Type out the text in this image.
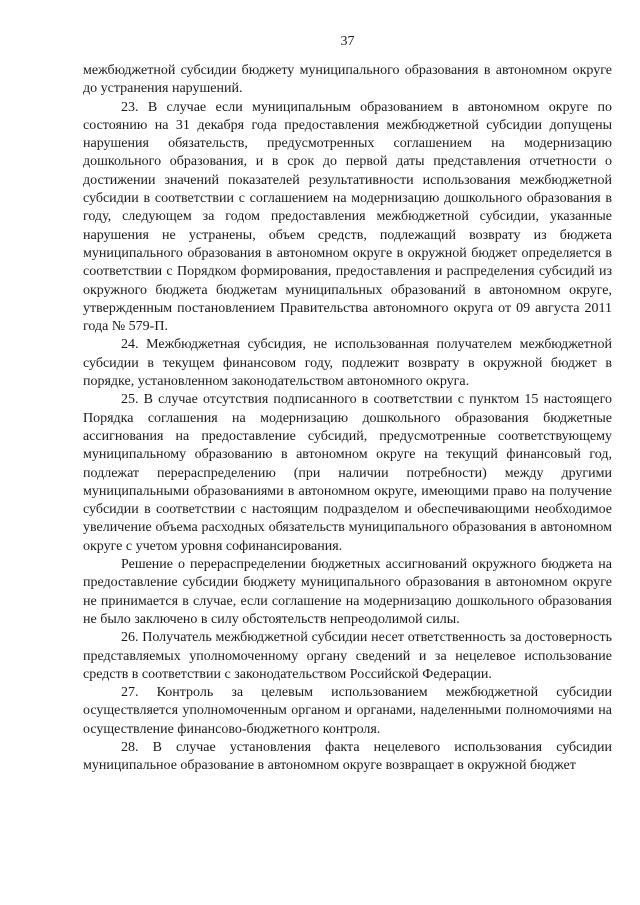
37

межбюджетной субсидии бюджету муниципального образования в автономном округе до устранения нарушений.

23. В случае если муниципальным образованием в автономном округе по состоянию на 31 декабря года предоставления межбюджетной субсидии допущены нарушения обязательств, предусмотренных соглашением на модернизацию дошкольного образования, и в срок до первой даты представления отчетности о достижении значений показателей результативности использования межбюджетной субсидии в соответствии с соглашением на модернизацию дошкольного образования в году, следующем за годом предоставления межбюджетной субсидии, указанные нарушения не устранены, объем средств, подлежащий возврату из бюджета муниципального образования в автономном округе в окружной бюджет определяется в соответствии с Порядком формирования, предоставления и распределения субсидий из окружного бюджета бюджетам муниципальных образований в автономном округе, утвержденным постановлением Правительства автономного округа от 09 августа 2011 года № 579-П.

24. Межбюджетная субсидия, не использованная получателем межбюджетной субсидии в текущем финансовом году, подлежит возврату в окружной бюджет в порядке, установленном законодательством автономного округа.

25. В случае отсутствия подписанного в соответствии с пунктом 15 настоящего Порядка соглашения на модернизацию дошкольного образования бюджетные ассигнования на предоставление субсидий, предусмотренные соответствующему муниципальному образованию в автономном округе на текущий финансовый год, подлежат перераспределению (при наличии потребности) между другими муниципальными образованиями в автономном округе, имеющими право на получение субсидии в соответствии с настоящим подразделом и обеспечивающими необходимое увеличение объема расходных обязательств муниципального образования в автономном округе с учетом уровня софинансирования.

Решение о перераспределении бюджетных ассигнований окружного бюджета на предоставление субсидии бюджету муниципального образования в автономном округе не принимается в случае, если соглашение на модернизацию дошкольного образования не было заключено в силу обстоятельств непреодолимой силы.

26. Получатель межбюджетной субсидии несет ответственность за достоверность представляемых уполномоченному органу сведений и за нецелевое использование средств в соответствии с законодательством Российской Федерации.

27. Контроль за целевым использованием межбюджетной субсидии осуществляется уполномоченным органом и органами, наделенными полномочиями на осуществление финансово-бюджетного контроля.

28. В случае установления факта нецелевого использования субсидии муниципальное образование в автономном округе возвращает в окружной бюджет
